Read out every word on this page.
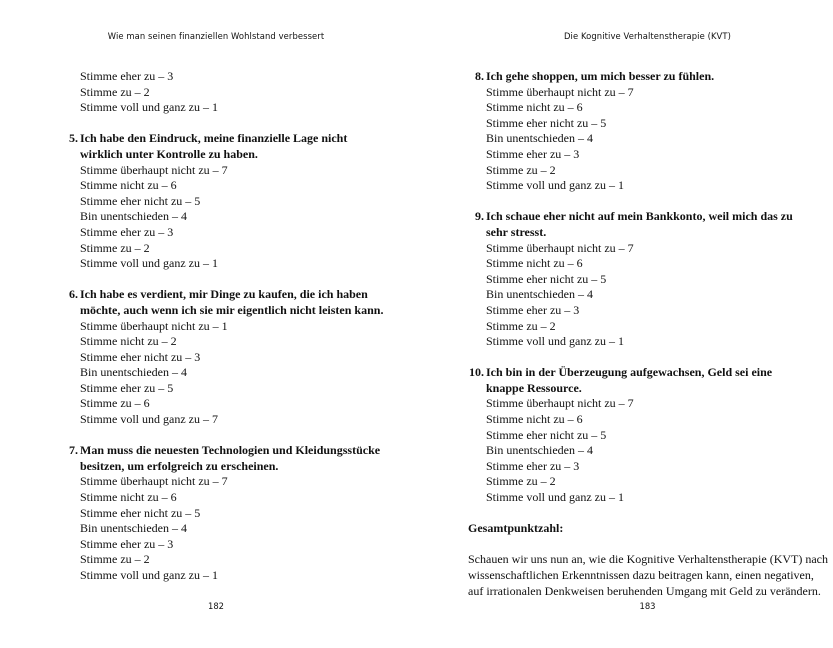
Wie man seinen finanziellen Wohlstand verbessert
Stimme eher zu – 3
Stimme zu – 2
Stimme voll und ganz zu – 1
5. Ich habe den Eindruck, meine finanzielle Lage nicht
wirklich unter Kontrolle zu haben.
Stimme überhaupt nicht zu – 7
Stimme nicht zu – 6
Stimme eher nicht zu – 5
Bin unentschieden – 4
Stimme eher zu – 3
Stimme zu – 2
Stimme voll und ganz zu – 1
6. Ich habe es verdient, mir Dinge zu kaufen, die ich haben
möchte, auch wenn ich sie mir eigentlich nicht leisten kann.
Stimme überhaupt nicht zu – 1
Stimme nicht zu – 2
Stimme eher nicht zu – 3
Bin unentschieden – 4
Stimme eher zu – 5
Stimme zu – 6
Stimme voll und ganz zu – 7
7. Man muss die neuesten Technologien und Kleidungsstücke
besitzen, um erfolgreich zu erscheinen.
Stimme überhaupt nicht zu – 7
Stimme nicht zu – 6
Stimme eher nicht zu – 5
Bin unentschieden – 4
Stimme eher zu – 3
Stimme zu – 2
Stimme voll und ganz zu – 1
182
Die Kognitive Verhaltenstherapie (KVT)
8. Ich gehe shoppen, um mich besser zu fühlen.
Stimme überhaupt nicht zu – 7
Stimme nicht zu – 6
Stimme eher nicht zu – 5
Bin unentschieden – 4
Stimme eher zu – 3
Stimme zu – 2
Stimme voll und ganz zu – 1
9. Ich schaue eher nicht auf mein Bankkonto, weil mich das zu
sehr stresst.
Stimme überhaupt nicht zu – 7
Stimme nicht zu – 6
Stimme eher nicht zu – 5
Bin unentschieden – 4
Stimme eher zu – 3
Stimme zu – 2
Stimme voll und ganz zu – 1
10. Ich bin in der Überzeugung aufgewachsen, Geld sei eine
knappe Ressource.
Stimme überhaupt nicht zu – 7
Stimme nicht zu – 6
Stimme eher nicht zu – 5
Bin unentschieden – 4
Stimme eher zu – 3
Stimme zu – 2
Stimme voll und ganz zu – 1
Gesamtpunktzahl:
Schauen wir uns nun an, wie die Kognitive Verhaltenstherapie (KVT) nach
wissenschaftlichen Erkenntnissen dazu beitragen kann, einen negativen,
auf irrationalen Denkweisen beruhenden Umgang mit Geld zu verändern.
183
